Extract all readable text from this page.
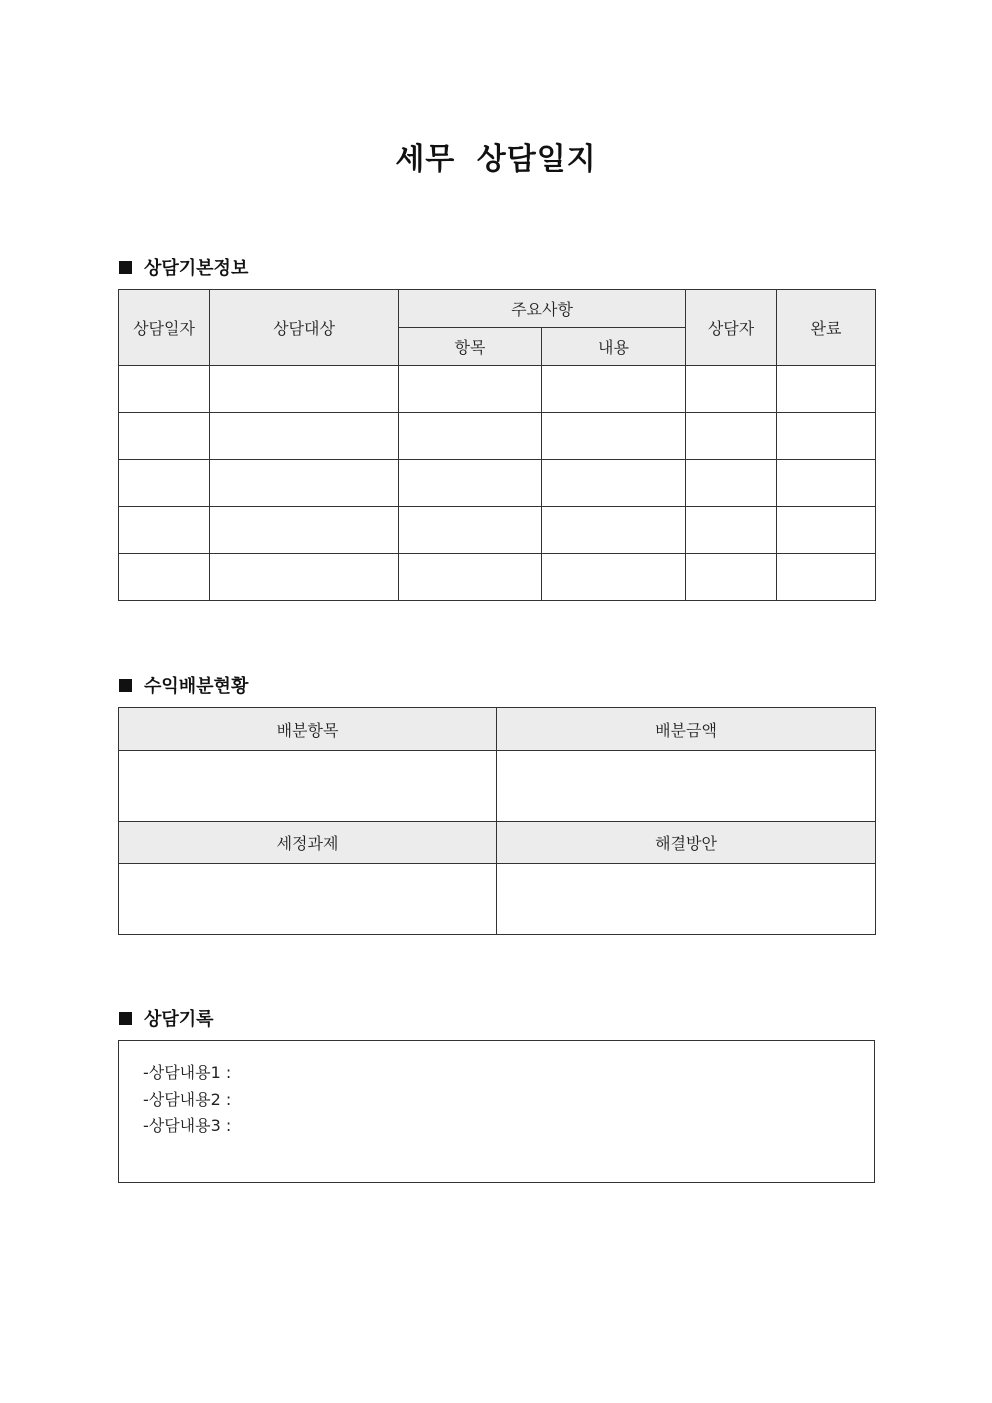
세무 상담일지
상담기본정보
상담일자	상담대상	주요사항		상담자	완료
		항목	내용		

수익배분현황
배분항목	배분금액

세정과제	해결방안

상담기록
-상담내용1 :
-상담내용2 :
-상담내용3 :
